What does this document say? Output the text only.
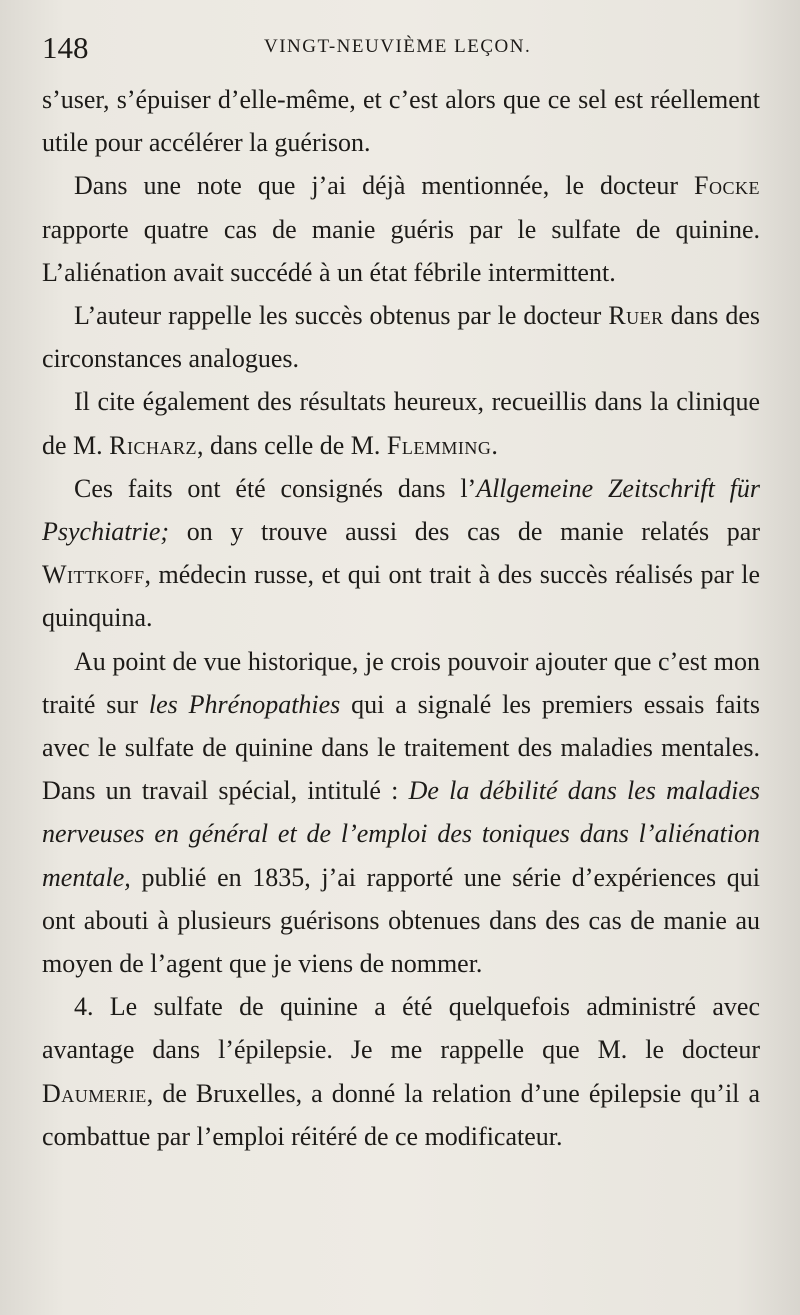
148	VINGT-NEUVIÈME LEÇON.

s’user, s’épuiser d’elle-même, et c’est alors que ce sel est réellement utile pour accélérer la guérison.

Dans une note que j’ai déjà mentionnée, le docteur Focke rapporte quatre cas de manie guéris par le sulfate de quinine. L’aliénation avait succédé à un état fébrile intermittent.

L’auteur rappelle les succès obtenus par le docteur Ruer dans des circonstances analogues.

Il cite également des résultats heureux, recueillis dans la clinique de M. Richarz, dans celle de M. Flemming.

Ces faits ont été consignés dans l’Allgemeine Zeitschrift für Psychiatrie; on y trouve aussi des cas de manie relatés par Wittkoff, médecin russe, et qui ont trait à des succès réalisés par le quinquina.

Au point de vue historique, je crois pouvoir ajouter que c’est mon traité sur les Phrénopathies qui a signalé les premiers essais faits avec le sulfate de quinine dans le traitement des maladies mentales. Dans un travail spécial, intitulé : De la débilité dans les maladies nerveuses en général et de l’emploi des toniques dans l’aliénation mentale, publié en 1835, j’ai rapporté une série d’expériences qui ont abouti à plusieurs guérisons obtenues dans des cas de manie au moyen de l’agent que je viens de nommer.

4. Le sulfate de quinine a été quelquefois administré avec avantage dans l’épilepsie. Je me rappelle que M. le docteur Daumerie, de Bruxelles, a donné la relation d’une épilepsie qu’il a combattue par l’emploi réitéré de ce modificateur.
